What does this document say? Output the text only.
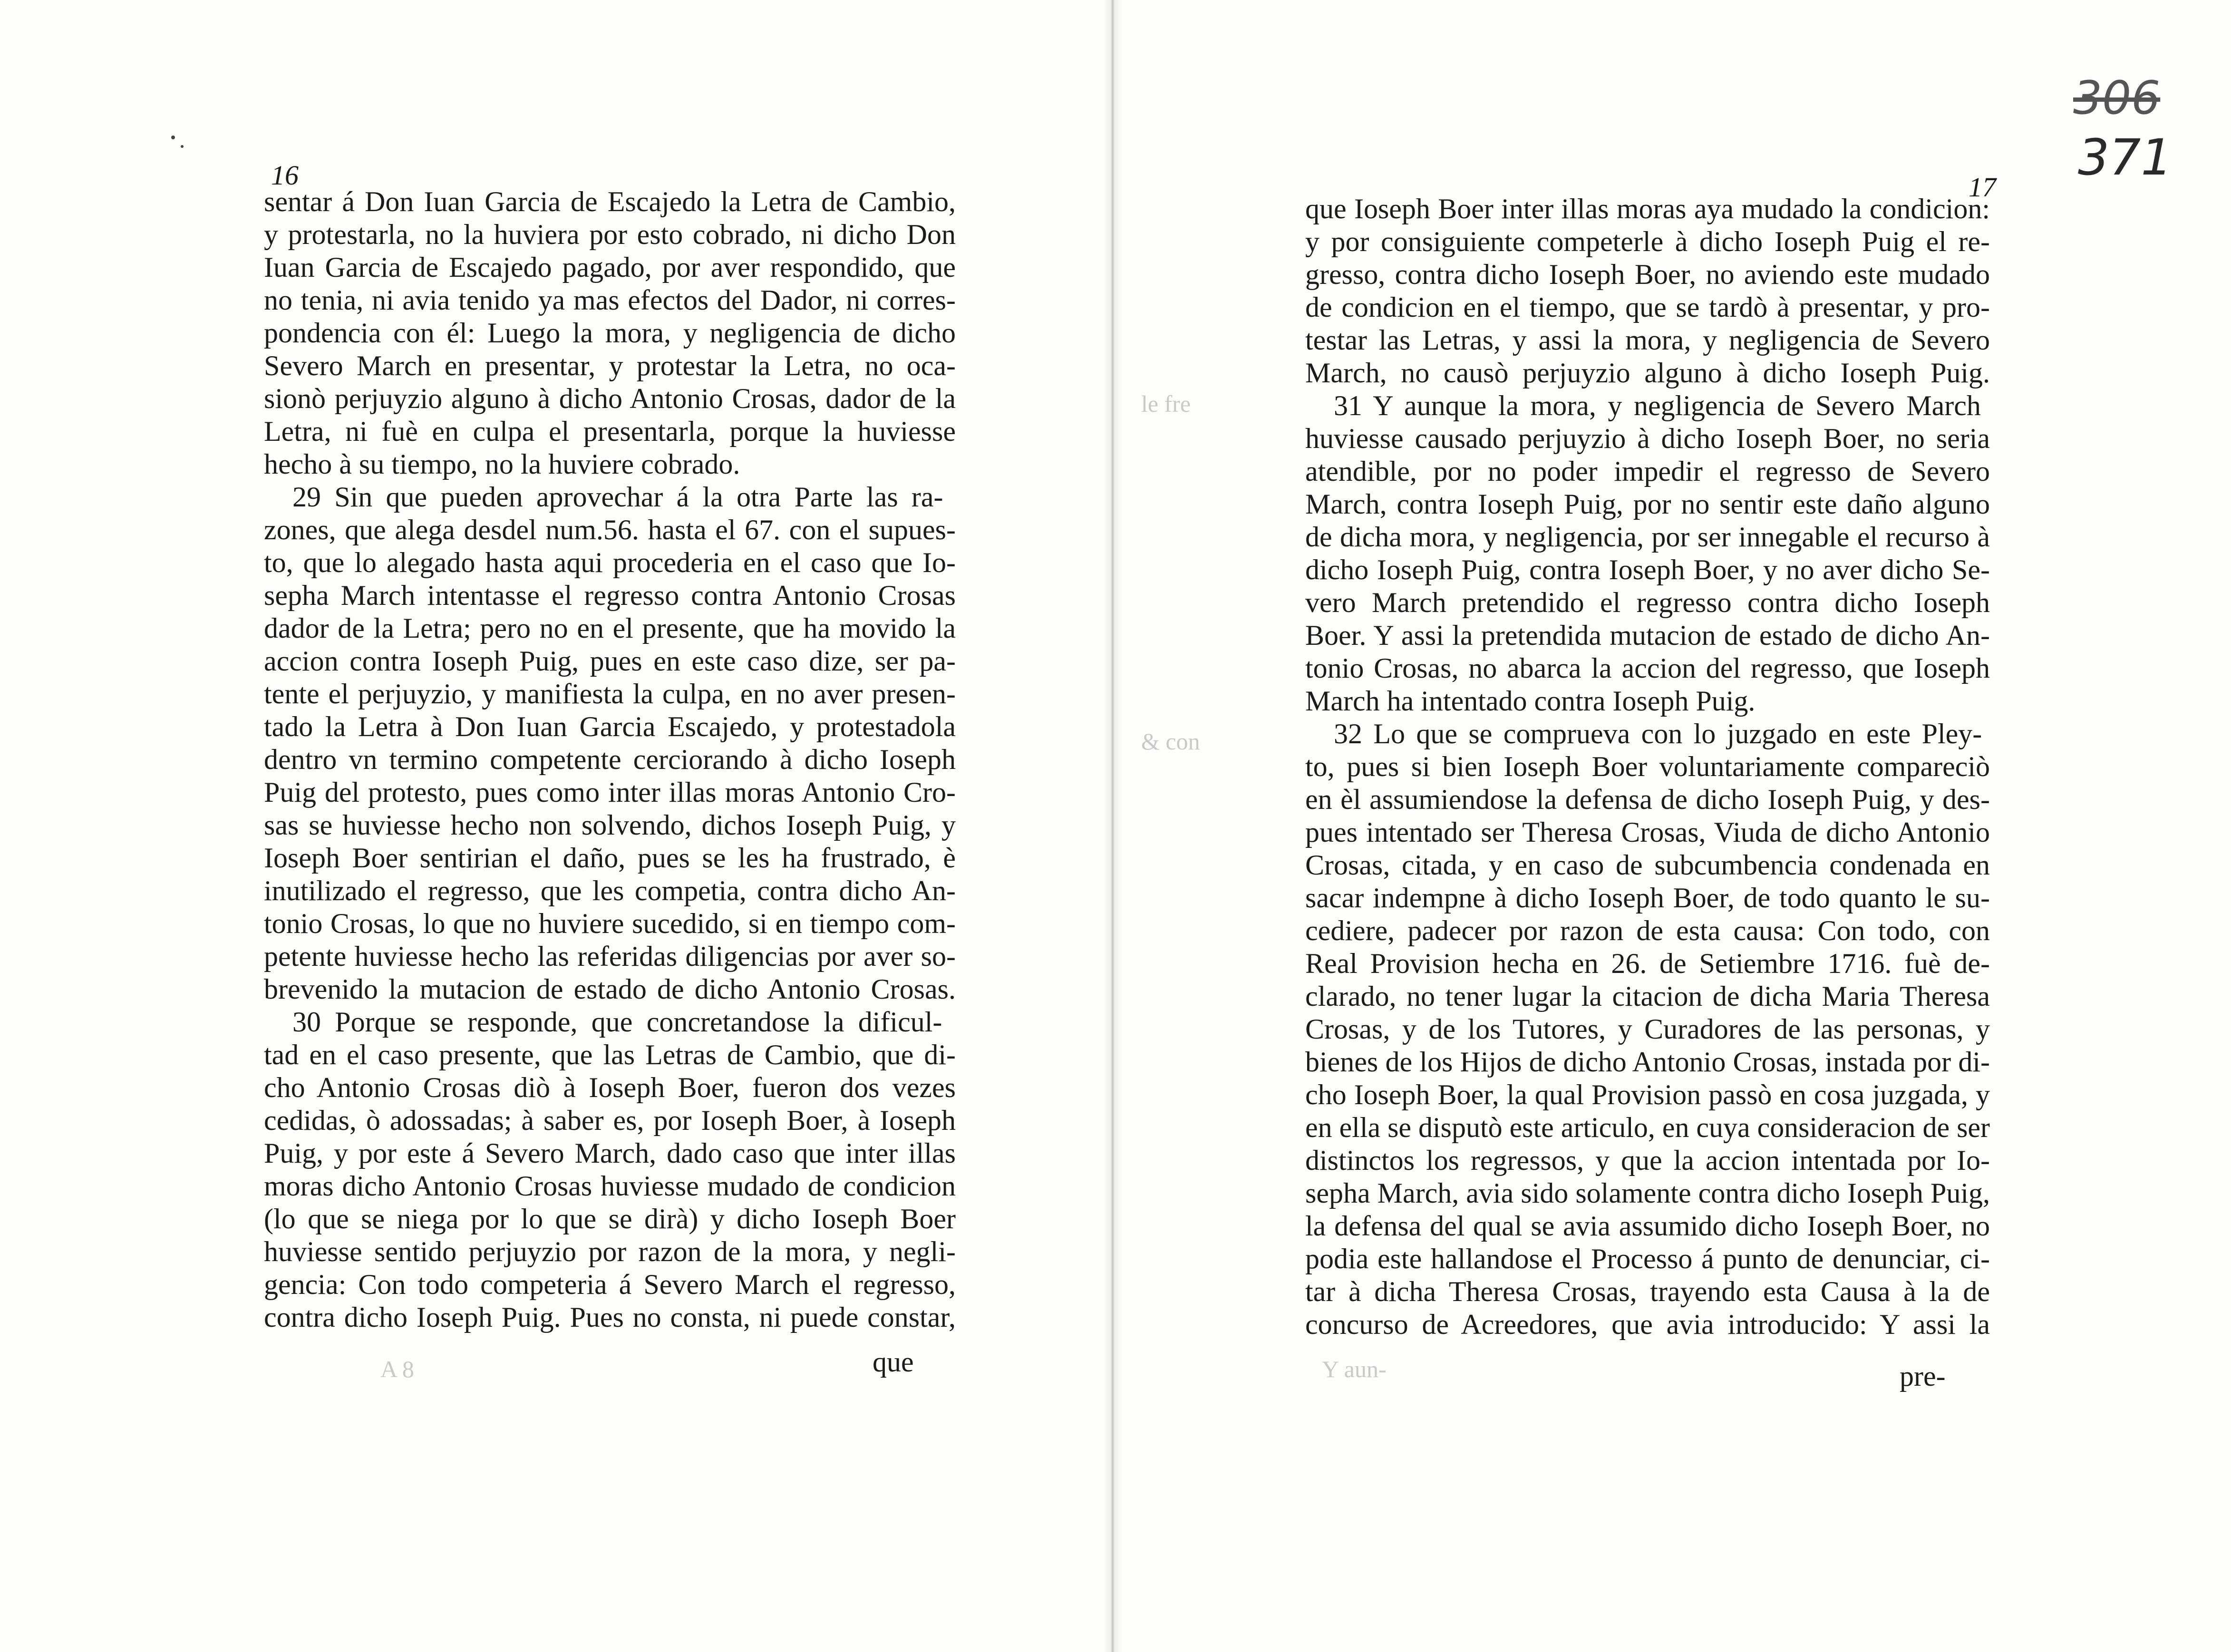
le fre
& con
Y aun-
A 8
16	17
306
371
sentar á Don Iuan Garcia de Escajedo la Letra de Cambio,
y protestarla, no la huviera por esto cobrado, ni dicho Don
Iuan Garcia de Escajedo pagado, por aver respondido, que
no tenia, ni avia tenido ya mas efectos del Dador, ni corres-
pondencia con él: Luego la mora, y negligencia de dicho
Severo March en presentar, y protestar la Letra, no oca-
sionò perjuyzio alguno à dicho Antonio Crosas, dador de la
Letra, ni fuè en culpa el presentarla, porque la huviesse
hecho à su tiempo, no la huviere cobrado.
29 Sin que pueden aprovechar á la otra Parte las ra-
zones, que alega desdel num.56. hasta el 67. con el supues-
to, que lo alegado hasta aqui procederia en el caso que Io-
sepha March intentasse el regresso contra Antonio Crosas
dador de la Letra; pero no en el presente, que ha movido la
accion contra Ioseph Puig, pues en este caso dize, ser pa-
tente el perjuyzio, y manifiesta la culpa, en no aver presen-
tado la Letra à Don Iuan Garcia Escajedo, y protestadola
dentro vn termino competente cerciorando à dicho Ioseph
Puig del protesto, pues como inter illas moras Antonio Cro-
sas se huviesse hecho non solvendo, dichos Ioseph Puig, y
Ioseph Boer sentirian el daño, pues se les ha frustrado, è
inutilizado el regresso, que les competia, contra dicho An-
tonio Crosas, lo que no huviere sucedido, si en tiempo com-
petente huviesse hecho las referidas diligencias por aver so-
brevenido la mutacion de estado de dicho Antonio Crosas.
30 Porque se responde, que concretandose la dificul-
tad en el caso presente, que las Letras de Cambio, que di-
cho Antonio Crosas diò à Ioseph Boer, fueron dos vezes
cedidas, ò adossadas; à saber es, por Ioseph Boer, à Ioseph
Puig, y por este á Severo March, dado caso que inter illas
moras dicho Antonio Crosas huviesse mudado de condicion
(lo que se niega por lo que se dirà) y dicho Ioseph Boer
huviesse sentido perjuyzio por razon de la mora, y negli-
gencia: Con todo competeria á Severo March el regresso,
contra dicho Ioseph Puig. Pues no consta, ni puede constar,
que Ioseph Boer inter illas moras aya mudado la condicion:
y por consiguiente competerle à dicho Ioseph Puig el re-
gresso, contra dicho Ioseph Boer, no aviendo este mudado
de condicion en el tiempo, que se tardò à presentar, y pro-
testar las Letras, y assi la mora, y negligencia de Severo
March, no causò perjuyzio alguno à dicho Ioseph Puig.
31 Y aunque la mora, y negligencia de Severo March
huviesse causado perjuyzio à dicho Ioseph Boer, no seria
atendible, por no poder impedir el regresso de Severo
March, contra Ioseph Puig, por no sentir este daño alguno
de dicha mora, y negligencia, por ser innegable el recurso à
dicho Ioseph Puig, contra Ioseph Boer, y no aver dicho Se-
vero March pretendido el regresso contra dicho Ioseph
Boer. Y assi la pretendida mutacion de estado de dicho An-
tonio Crosas, no abarca la accion del regresso, que Ioseph
March ha intentado contra Ioseph Puig.
32 Lo que se comprueva con lo juzgado en este Pley-
to, pues si bien Ioseph Boer voluntariamente compareciò
en èl assumiendose la defensa de dicho Ioseph Puig, y des-
pues intentado ser Theresa Crosas, Viuda de dicho Antonio
Crosas, citada, y en caso de subcumbencia condenada en
sacar indempne à dicho Ioseph Boer, de todo quanto le su-
cediere, padecer por razon de esta causa: Con todo, con
Real Provision hecha en 26. de Setiembre 1716. fuè de-
clarado, no tener lugar la citacion de dicha Maria Theresa
Crosas, y de los Tutores, y Curadores de las personas, y
bienes de los Hijos de dicho Antonio Crosas, instada por di-
cho Ioseph Boer, la qual Provision passò en cosa juzgada, y
en ella se disputò este articulo, en cuya consideracion de ser
distinctos los regressos, y que la accion intentada por Io-
sepha March, avia sido solamente contra dicho Ioseph Puig,
la defensa del qual se avia assumido dicho Ioseph Boer, no
podia este hallandose el Processo á punto de denunciar, ci-
tar à dicha Theresa Crosas, trayendo esta Causa à la de
concurso de Acreedores, que avia introducido: Y assi la
que	pre-
